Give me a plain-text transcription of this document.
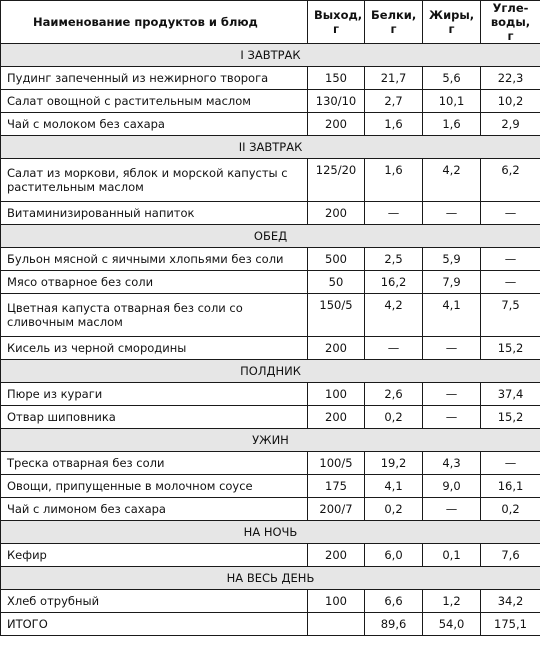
Наименование продуктов и блюд	Выход, г	Белки, г	Жиры, г	Угле-воды, г
I ЗАВТРАК				
Пудинг запеченный из нежирного творога	150	21,7	5,6	22,3
Салат овощной с растительным маслом	130/10	2,7	10,1	10,2
Чай с молоком без сахара	200	1,6	1,6	2,9
II ЗАВТРАК				
Салат из моркови, яблок и морской капусты с растительным маслом	125/20	1,6	4,2	6,2
Витаминизированный напиток	200	—	—	—
ОБЕД				
Бульон мясной с яичными хлопьями без соли	500	2,5	5,9	—
Мясо отварное без соли	50	16,2	7,9	—
Цветная капуста отварная без соли со сливочным маслом	150/5	4,2	4,1	7,5
Кисель из черной смородины	200	—	—	15,2
ПОЛДНИК				
Пюре из кураги	100	2,6	—	37,4
Отвар шиповника	200	0,2	—	15,2
УЖИН				
Треска отварная без соли	100/5	19,2	4,3	—
Овощи, припущенные в молочном соусе	175	4,1	9,0	16,1
Чай с лимоном без сахара	200/7	0,2	—	0,2
НА НОЧЬ				
Кефир	200	6,0	0,1	7,6
НА ВЕСЬ ДЕНЬ				
Хлеб отрубный	100	6,6	1,2	34,2
ИТОГО		89,6	54,0	175,1
